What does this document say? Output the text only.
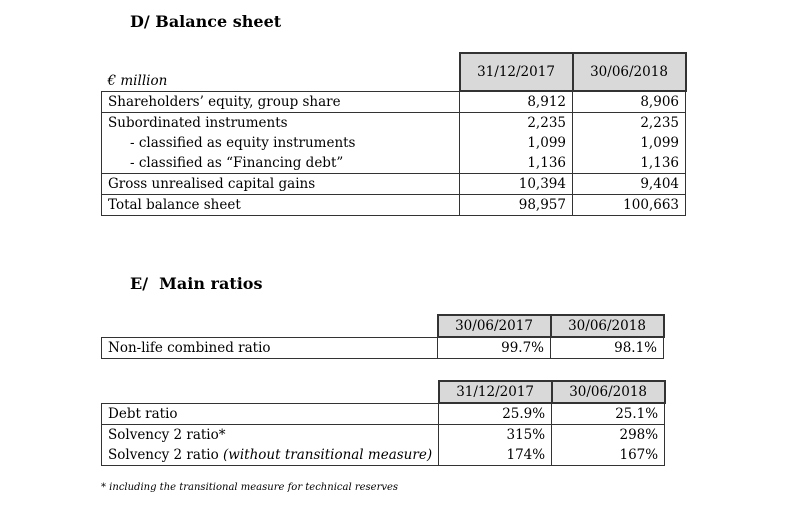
D/ Balance sheet
€ million	31/12/2017	30/06/2018
Shareholders’ equity, group share	8,912	8,906
Subordinated instruments	2,235	2,235
- classified as equity instruments	1,099	1,099
- classified as “Financing debt”	1,136	1,136
Gross unrealised capital gains	10,394	9,404
Total balance sheet	98,957	100,663
E/  Main ratios
	30/06/2017	30/06/2018
Non-life combined ratio	99.7%	98.1%
	31/12/2017	30/06/2018
Debt ratio	25.9%	25.1%
Solvency 2 ratio*	315%	298%
Solvency 2 ratio (without transitional measure)	174%	167%
* including the transitional measure for technical reserves
